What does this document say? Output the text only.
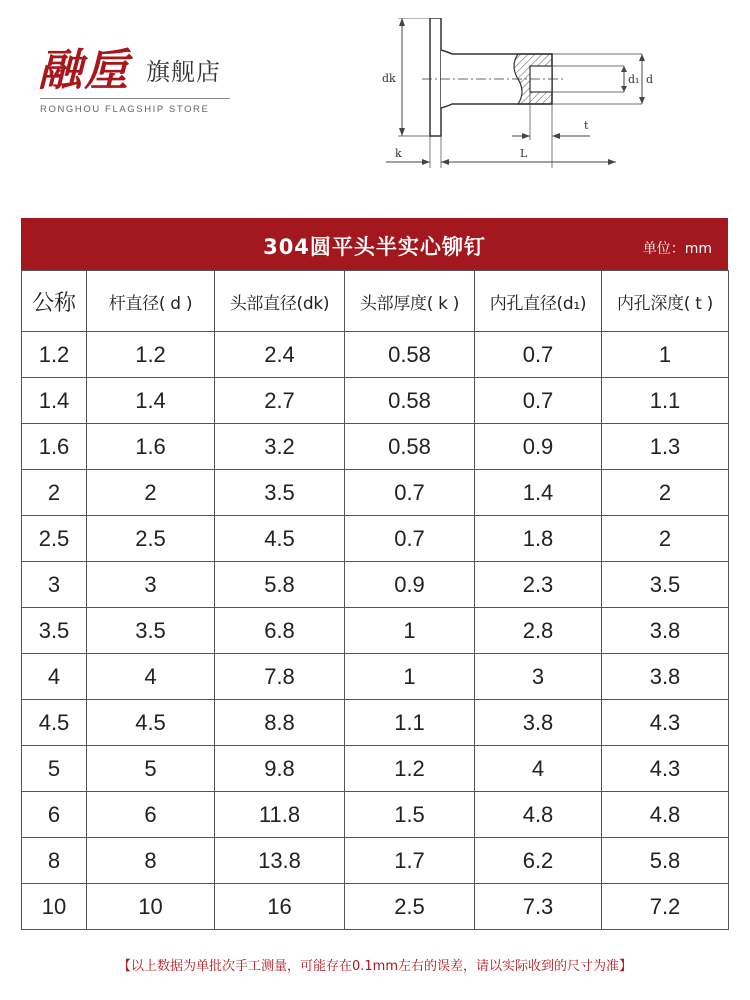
融垕 旗舰店
RONGHOU FLAGSHIP STORE
dk	d₁ d
t
k	L
304圆平头半实心铆钉	单位：mm
公称	杆直径( d )	头部直径(dk)	头部厚度( k )	内孔直径(d₁)	内孔深度( t )
1.2	1.2	2.4	0.58	0.7	1
1.4	1.4	2.7	0.58	0.7	1.1
1.6	1.6	3.2	0.58	0.9	1.3
2	2	3.5	0.7	1.4	2
2.5	2.5	4.5	0.7	1.8	2
3	3	5.8	0.9	2.3	3.5
3.5	3.5	6.8	1	2.8	3.8
4	4	7.8	1	3	3.8
4.5	4.5	8.8	1.1	3.8	4.3
5	5	9.8	1.2	4	4.3
6	6	11.8	1.5	4.8	4.8
8	8	13.8	1.7	6.2	5.8
10	10	16	2.5	7.3	7.2
【以上数据为单批次手工测量，可能存在0.1mm左右的误差，请以实际收到的尺寸为准】
